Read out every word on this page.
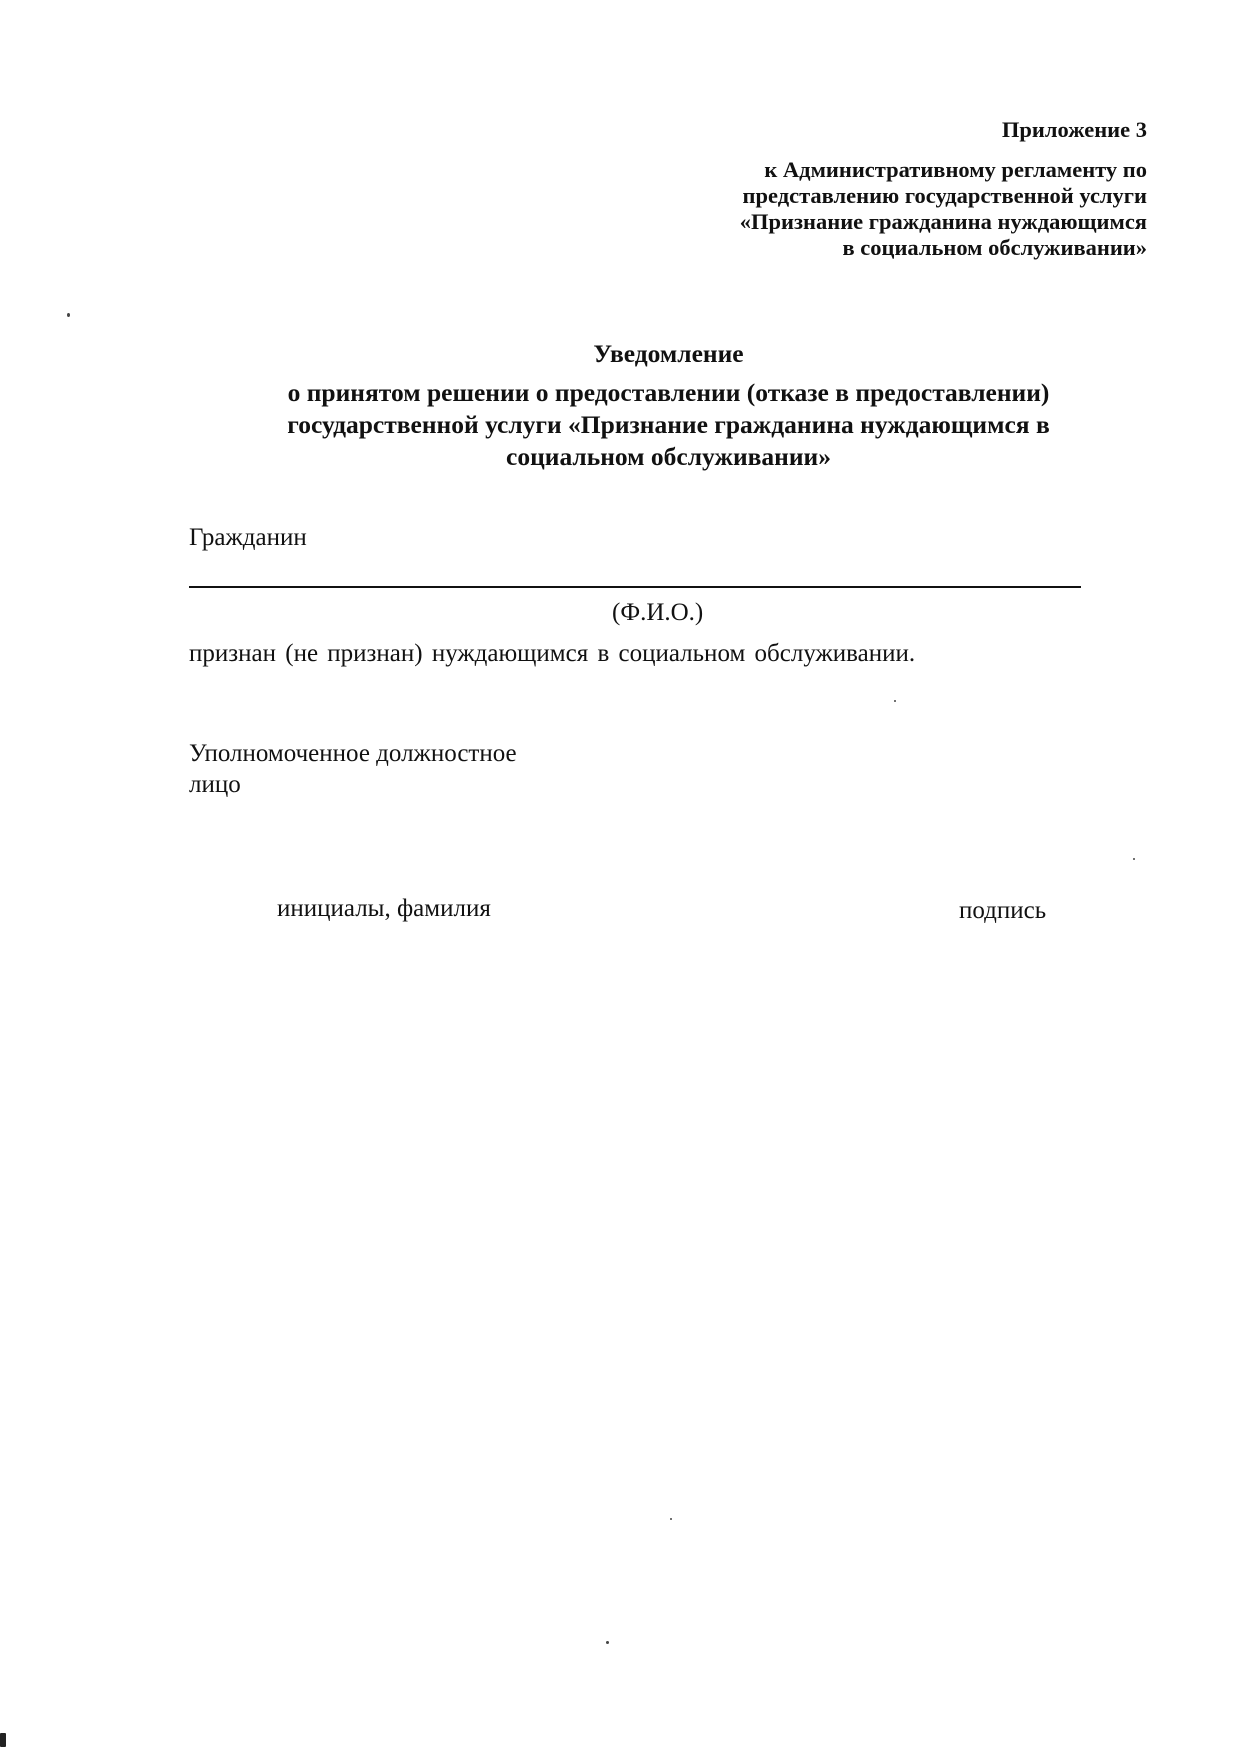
Приложение 3
к Административному регламенту по
представлению государственной услуги
«Признание гражданина нуждающимся
в социальном обслуживании»
Уведомление
о принятом решении о предоставлении (отказе в предоставлении)
государственной услуги «Признание гражданина нуждающимся в
социальном обслуживании»
Гражданин
(Ф.И.О.)
признан (не признан) нуждающимся в социальном обслуживании.
Уполномоченное должностное
лицо
инициалы, фамилия	подпись
